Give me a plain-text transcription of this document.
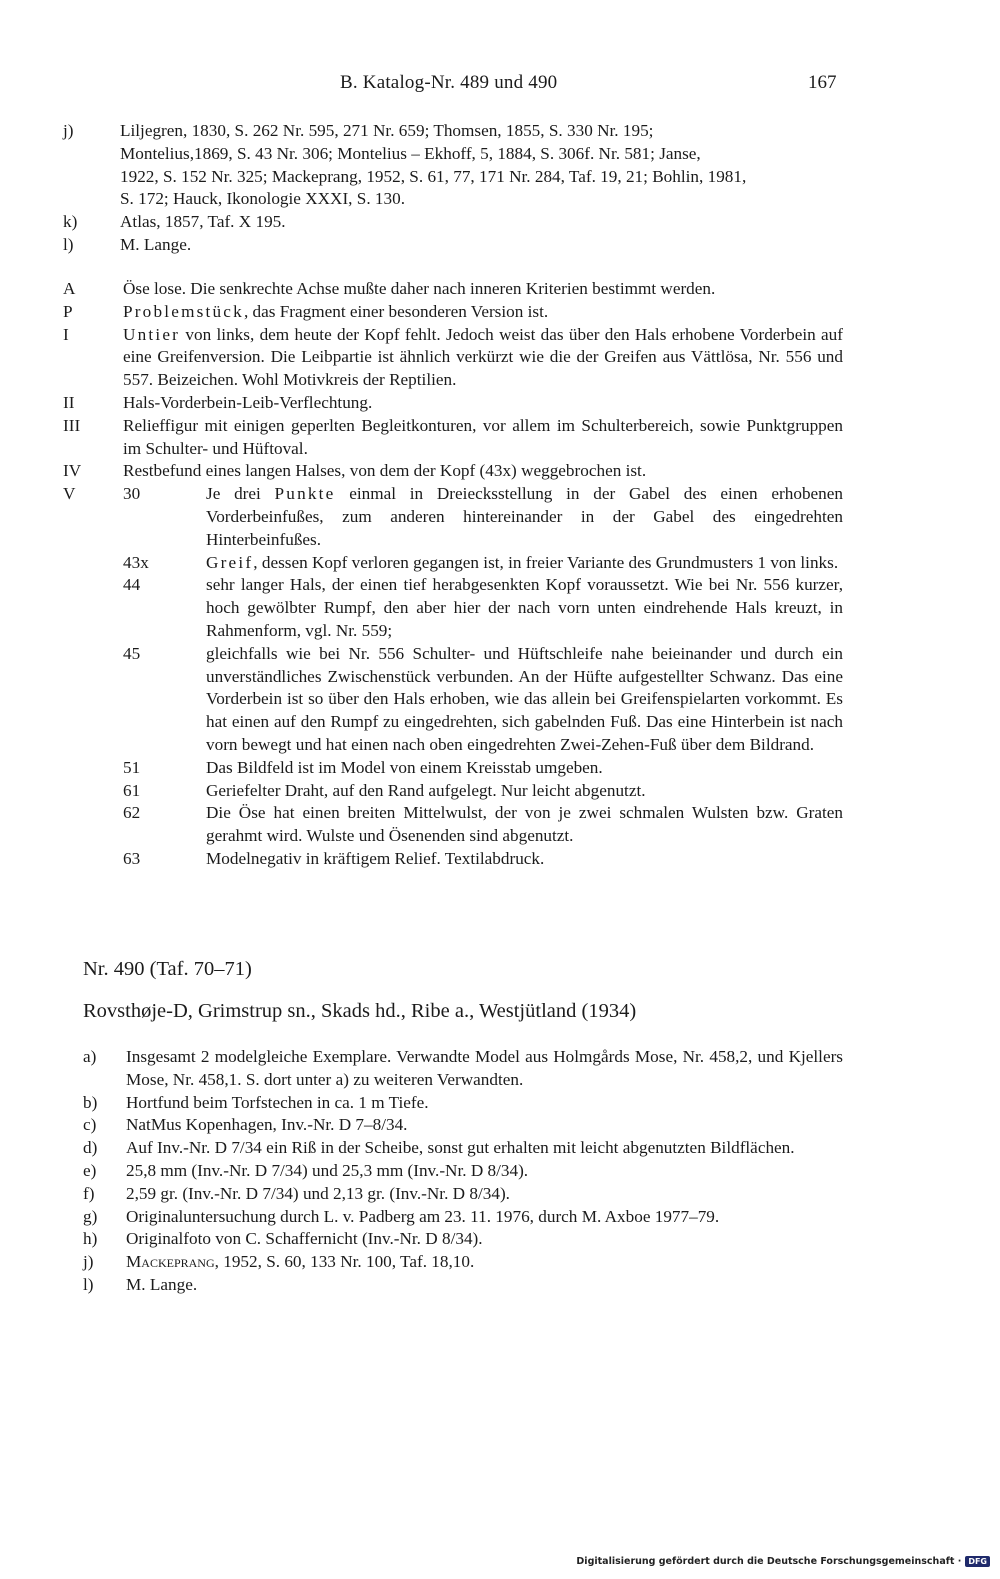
B. Katalog-Nr. 489 und 490	167
j)	Liljegren, 1830, S. 262 Nr. 595, 271 Nr. 659; Thomsen, 1855, S. 330 Nr. 195;
Montelius,1869, S. 43 Nr. 306; Montelius – Ekhoff, 5, 1884, S. 306f. Nr. 581; Janse,
1922, S. 152 Nr. 325; Mackeprang, 1952, S. 61, 77, 171 Nr. 284, Taf. 19, 21; Bohlin, 1981,
S. 172; Hauck, Ikonologie XXXI, S. 130.
k)	Atlas, 1857, Taf. X 195.
l)	M. Lange.
A	Öse lose. Die senkrechte Achse mußte daher nach inneren Kriterien bestimmt werden.
P	Problemstück, das Fragment einer besonderen Version ist.
I	Untier von links, dem heute der Kopf fehlt. Jedoch weist das über den Hals erhobene Vorderbein auf eine Greifenversion. Die Leibpartie ist ähnlich verkürzt wie die der Greifen aus Vättlösa, Nr. 556 und 557. Beizeichen. Wohl Motivkreis der Reptilien.
II	Hals-Vorderbein-Leib-Verflechtung.
III	Relieffigur mit einigen geperlten Begleitkonturen, vor allem im Schulterbereich, sowie Punktgruppen im Schulter- und Hüftoval.
IV	Restbefund eines langen Halses, von dem der Kopf (43x) weggebrochen ist.
V	30	Je drei Punkte einmal in Dreiecksstellung in der Gabel des einen erhobenen Vorderbeinfußes, zum anderen hintereinander in der Gabel des eingedrehten Hinterbeinfußes.
43x	Greif, dessen Kopf verloren gegangen ist, in freier Variante des Grundmusters 1 von links.
44	sehr langer Hals, der einen tief herabgesenkten Kopf voraussetzt. Wie bei Nr. 556 kurzer, hoch gewölbter Rumpf, den aber hier der nach vorn unten eindrehende Hals kreuzt, in Rahmenform, vgl. Nr. 559;
45	gleichfalls wie bei Nr. 556 Schulter- und Hüftschleife nahe beieinander und durch ein unverständliches Zwischenstück verbunden. An der Hüfte aufgestellter Schwanz. Das eine Vorderbein ist so über den Hals erhoben, wie das allein bei Greifenspielarten vorkommt. Es hat einen auf den Rumpf zu eingedrehten, sich gabelnden Fuß. Das eine Hinterbein ist nach vorn bewegt und hat einen nach oben eingedrehten Zwei-Zehen-Fuß über dem Bildrand.
51	Das Bildfeld ist im Model von einem Kreisstab umgeben.
61	Geriefelter Draht, auf den Rand aufgelegt. Nur leicht abgenutzt.
62	Die Öse hat einen breiten Mittelwulst, der von je zwei schmalen Wulsten bzw. Graten gerahmt wird. Wulste und Ösenenden sind abgenutzt.
63	Modelnegativ in kräftigem Relief. Textilabdruck.
Nr. 490 (Taf. 70–71)
Rovsthøje-D, Grimstrup sn., Skads hd., Ribe a., Westjütland (1934)
a)	Insgesamt 2 modelgleiche Exemplare. Verwandte Model aus Holmgårds Mose, Nr. 458,2, und Kjellers Mose, Nr. 458,1. S. dort unter a) zu weiteren Verwandten.
b)	Hortfund beim Torfstechen in ca. 1 m Tiefe.
c)	NatMus Kopenhagen, Inv.-Nr. D 7–8/34.
d)	Auf Inv.-Nr. D 7/34 ein Riß in der Scheibe, sonst gut erhalten mit leicht abgenutzten Bildflächen.
e)	25,8 mm (Inv.-Nr. D 7/34) und 25,3 mm (Inv.-Nr. D 8/34).
f)	2,59 gr. (Inv.-Nr. D 7/34) und 2,13 gr. (Inv.-Nr. D 8/34).
g)	Originaluntersuchung durch L. v. Padberg am 23. 11. 1976, durch M. Axboe 1977–79.
h)	Originalfoto von C. Schaffernicht (Inv.-Nr. D 8/34).
j)	Mackeprang, 1952, S. 60, 133 Nr. 100, Taf. 18,10.
l)	M. Lange.
Digitalisierung gefördert durch die Deutsche Forschungsgemeinschaft · DFG
